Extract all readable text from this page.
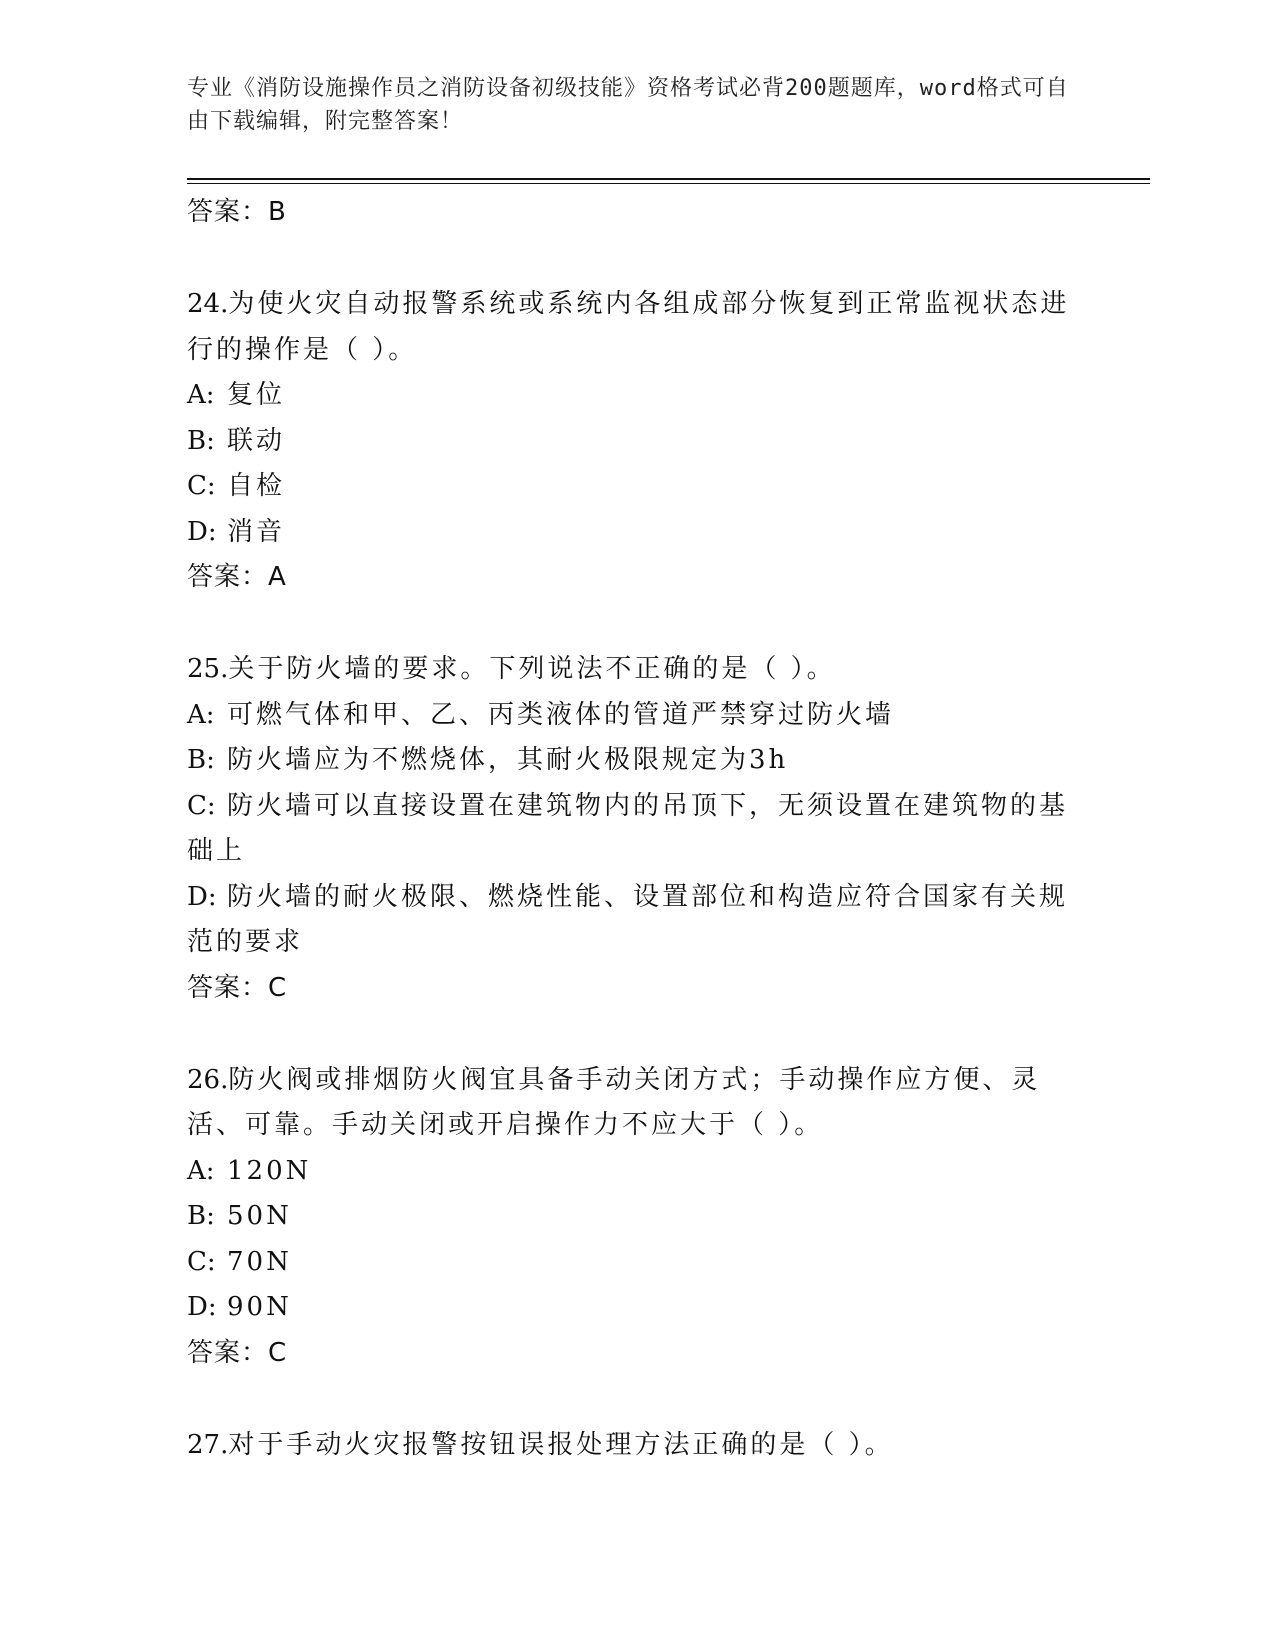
专业《消防设施操作员之消防设备初级技能》资格考试必背200题题库，word格式可自由下载编辑，附完整答案！

答案：B

24.为使火灾自动报警系统或系统内各组成部分恢复到正常监视状态进行的操作是（ ）。

A: 复位

B: 联动

C: 自检

D: 消音

答案：A

25.关于防火墙的要求。下列说法不正确的是（ ）。

A: 可燃气体和甲、乙、丙类液体的管道严禁穿过防火墙

B: 防火墙应为不燃烧体，其耐火极限规定为3h

C: 防火墙可以直接设置在建筑物内的吊顶下，无须设置在建筑物的基础上

D: 防火墙的耐火极限、燃烧性能、设置部位和构造应符合国家有关规范的要求

答案：C

26.防火阀或排烟防火阀宜具备手动关闭方式；手动操作应方便、灵活、可靠。手动关闭或开启操作力不应大于（ ）。

A: 120N

B: 50N

C: 70N

D: 90N

答案：C

27.对于手动火灾报警按钮误报处理方法正确的是（ ）。
